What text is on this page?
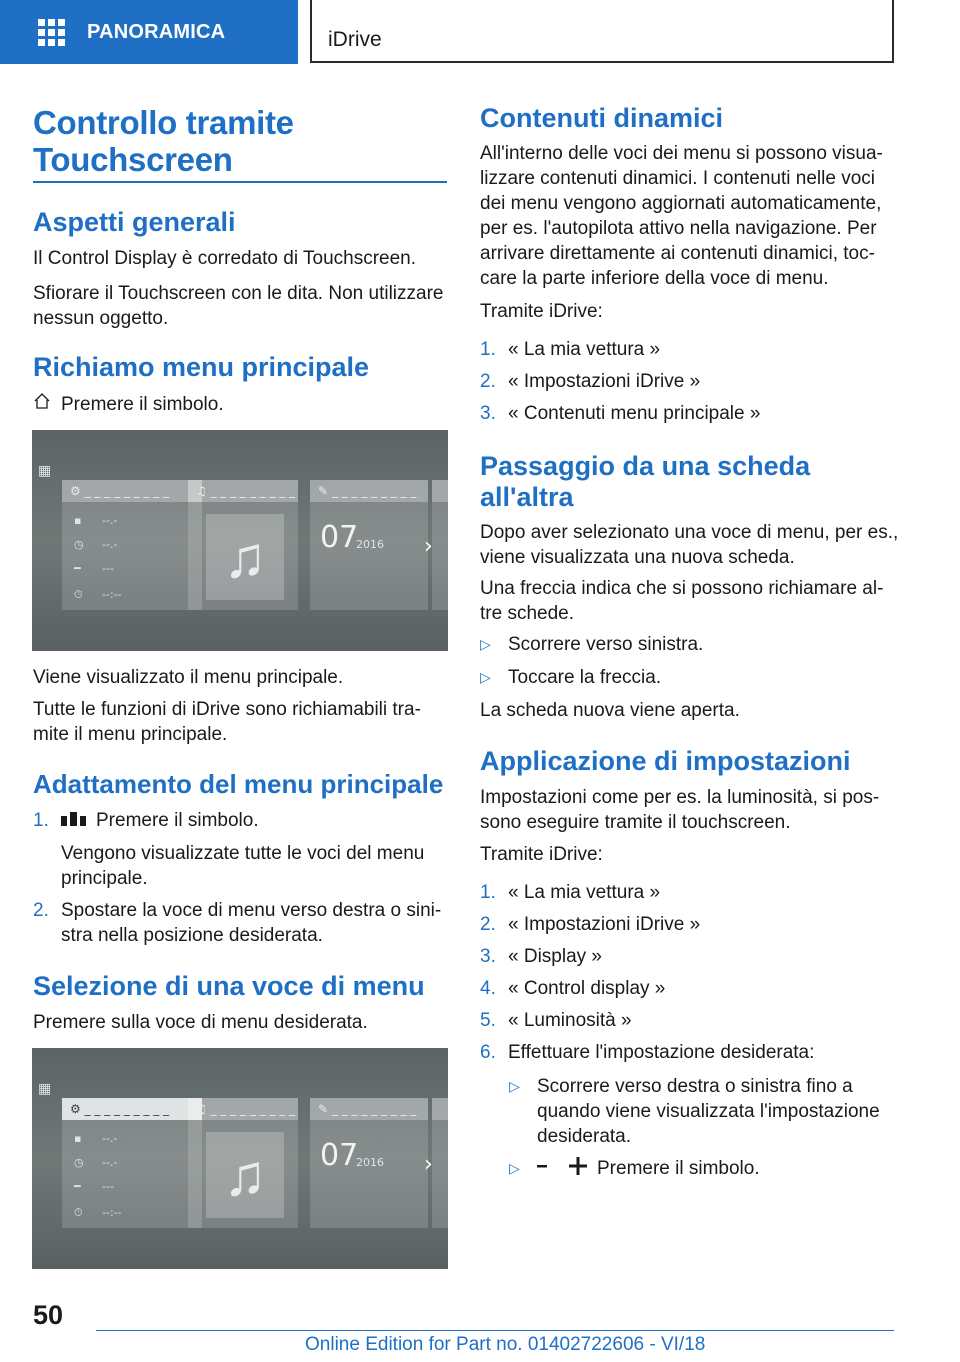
PANORAMICA	iDrive
Controllo tramite
Touchscreen
Aspetti generali
Il Control Display è corredato di Touchscreen.
Sfiorare il Touchscreen con le dita. Non utilizzare
nessun oggetto.
Richiamo menu principale
Premere il simbolo.
▦
⚙ _ _ _ _ _ _ _ _ _
▪ --.-
◷ --.-
━ ---
⏱ --:--
♫ _ _ _ _ _ _ _ _ _
♫
✎ _ _ _ _ _ _ _ _ _
07
2016 ›
Viene visualizzato il menu principale.
Tutte le funzioni di iDrive sono richiamabili tra-
mite il menu principale.
Adattamento del menu principale
1.	Premere il simbolo.
Vengono visualizzate tutte le voci del menu
principale.
2. Spostare la voce di menu verso destra o sini-
stra nella posizione desiderata.
Selezione di una voce di menu
Premere sulla voce di menu desiderata.
▦
⚙ _ _ _ _ _ _ _ _ _
▪ --.-
◷ --.-
━ ---
⏱ --:--
♫ _ _ _ _ _ _ _ _ _
♫
✎ _ _ _ _ _ _ _ _ _
07
2016 ›
Contenuti dinamici
All'interno delle voci dei menu si possono visua-
lizzare contenuti dinamici. I contenuti nelle voci
dei menu vengono aggiornati automaticamente,
per es. l'autopilota attivo nella navigazione. Per
arrivare direttamente ai contenuti dinamici, toc-
care la parte inferiore della voce di menu.
Tramite iDrive:
1. « La mia vettura »
2. « Impostazioni iDrive »
3. « Contenuti menu principale »
Passaggio da una scheda
all'altra
Dopo aver selezionato una voce di menu, per es.,
viene visualizzata una nuova scheda.
Una freccia indica che si possono richiamare al-
tre schede.
▷ Scorrere verso sinistra.
▷ Toccare la freccia.
La scheda nuova viene aperta.
Applicazione di impostazioni
Impostazioni come per es. la luminosità, si pos-
sono eseguire tramite il touchscreen.
Tramite iDrive:
1. « La mia vettura »
2. « Impostazioni iDrive »
3. « Display »
4. « Control display »
5. « Luminosità »
6. Effettuare l'impostazione desiderata:
▷ Scorrere verso destra o sinistra fino a
quando viene visualizzata l'impostazione
desiderata.
▷	Premere il simbolo.
50
Online Edition for Part no. 01402722606 - VI/18
